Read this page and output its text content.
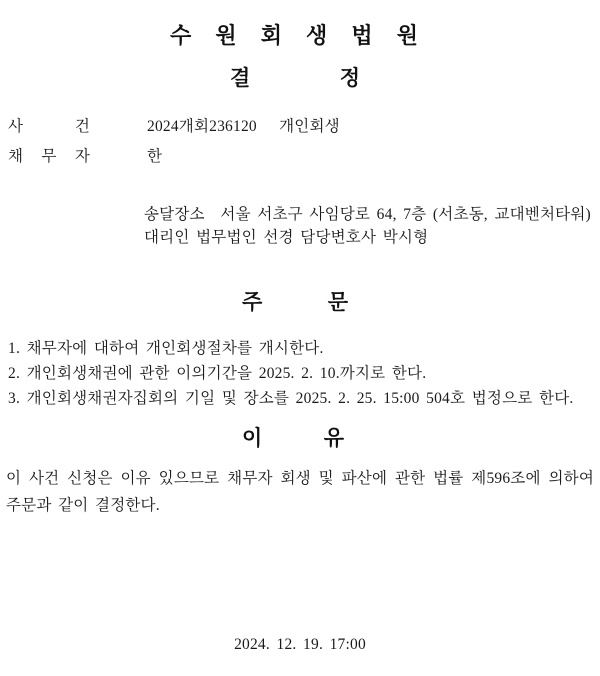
수 원 회 생 법 원
결 정
사 건	2024개회236120　 개인회생
채 무 자	한
송달장소　서울 서초구 사임당로 64, 7층 (서초동, 교대벤처타워)
대리인 법무법인 선경 담당변호사 박시형
주 문
1. 채무자에 대하여 개인회생절차를 개시한다.
2. 개인회생채권에 관한 이의기간을 2025. 2. 10.까지로 한다.
3. 개인회생채권자집회의 기일 및 장소를 2025. 2. 25. 15:00 504호 법정으로 한다.
이 유
이 사건 신청은 이유 있으므로 채무자 회생 및 파산에 관한 법률 제596조에 의하여
주문과 같이 결정한다.
2024. 12. 19. 17:00
